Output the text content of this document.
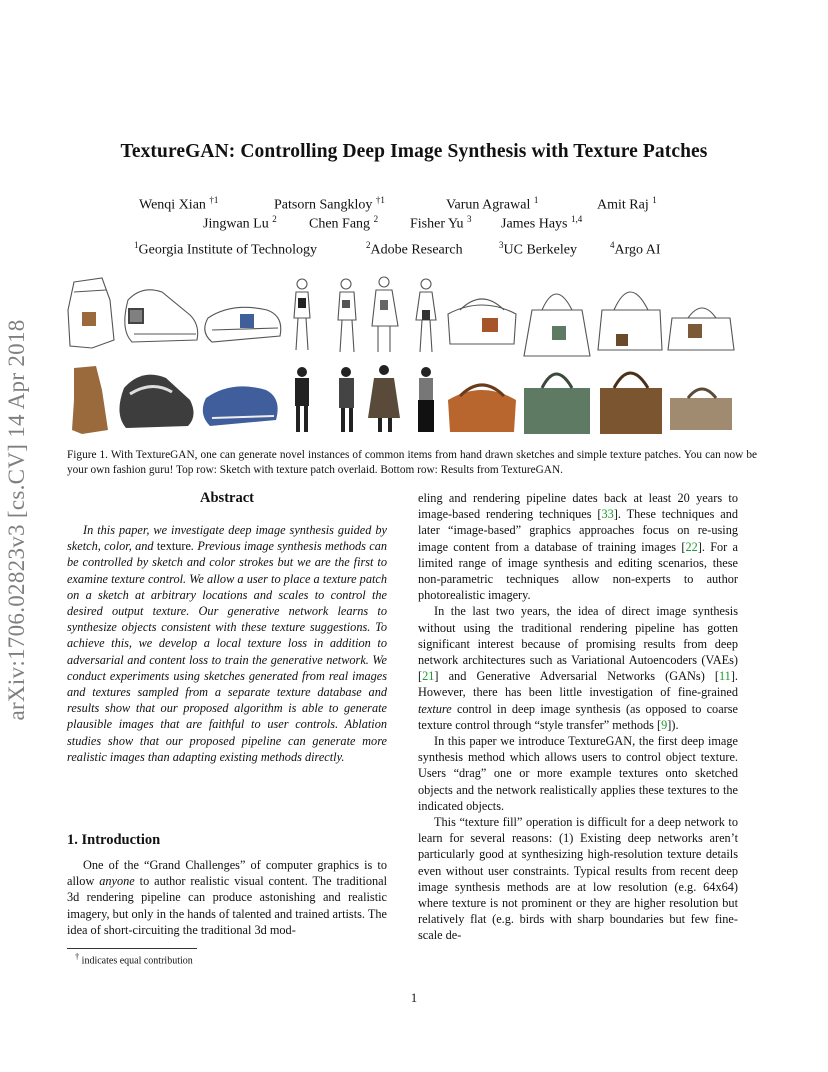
TextureGAN: Controlling Deep Image Synthesis with Texture Patches
Wenqi Xian $^{\dagger 1}$	Patsorn Sangkloy $^{\dagger 1}$	Varun Agrawal $^1$	Amit Raj $^1$
Jingwan Lu $^2$ Chen Fang $^2$ Fisher Yu $^3$ James Hays $^{1,4}$
$^1$Georgia Institute of Technology	$^2$Adobe Research	$^3$UC Berkeley	$^4$Argo AI
arXiv:1706.02823v3 [cs.CV] 14 Apr 2018	Figure 1. With TextureGAN, one can generate novel instances of common items from hand drawn sketches and simple texture patches. You can now be your own fashion guru! Top row: Sketch with texture patch overlaid. Bottom row: Results from TextureGAN.
Abstract
In this paper, we investigate deep image synthesis guided by sketch, color, and texture. Previous image synthesis methods can be controlled by sketch and color strokes but we are the first to examine texture control. We allow a user to place a texture patch on a sketch at arbitrary locations and scales to control the desired output texture. Our generative network learns to synthesize objects consistent with these texture suggestions. To achieve this, we develop a local texture loss in addition to adversarial and content loss to train the generative network. We conduct experiments using sketches generated from real images and textures sampled from a separate texture database and results show that our proposed algorithm is able to generate plausible images that are faithful to user controls. Ablation studies show that our proposed pipeline can generate more realistic images than adapting existing methods directly.
1. Introduction

One of the “Grand Challenges” of computer graphics is to allow anyone to author realistic visual content. The traditional 3d rendering pipeline can produce astonishing and realistic imagery, but only in the hands of talented and trained artists. The idea of short-circuiting the traditional 3d mod-

† indicates equal contribution

eling and rendering pipeline dates back at least 20 years to image-based rendering techniques [33]. These techniques and later “image-based” graphics approaches focus on re-using image content from a database of training images [22]. For a limited range of image synthesis and editing scenarios, these non-parametric techniques allow non-experts to author photorealistic imagery.

In the last two years, the idea of direct image synthesis without using the traditional rendering pipeline has gotten significant interest because of promising results from deep network architectures such as Variational Autoencoders (VAEs) [21] and Generative Adversarial Networks (GANs) [11]. However, there has been little investigation of fine-grained texture control in deep image synthesis (as opposed to coarse texture control through “style transfer” methods [9]).

In this paper we introduce TextureGAN, the first deep image synthesis method which allows users to control object texture. Users “drag” one or more example textures onto sketched objects and the network realistically applies these textures to the indicated objects.

This “texture fill” operation is difficult for a deep network to learn for several reasons: (1) Existing deep networks aren’t particularly good at synthesizing high-resolution texture details even without user constraints. Typical results from recent deep image synthesis methods are at low resolution (e.g. 64x64) where texture is not prominent or they are higher resolution but relatively flat (e.g. birds with sharp boundaries but few fine-scale de-

1
